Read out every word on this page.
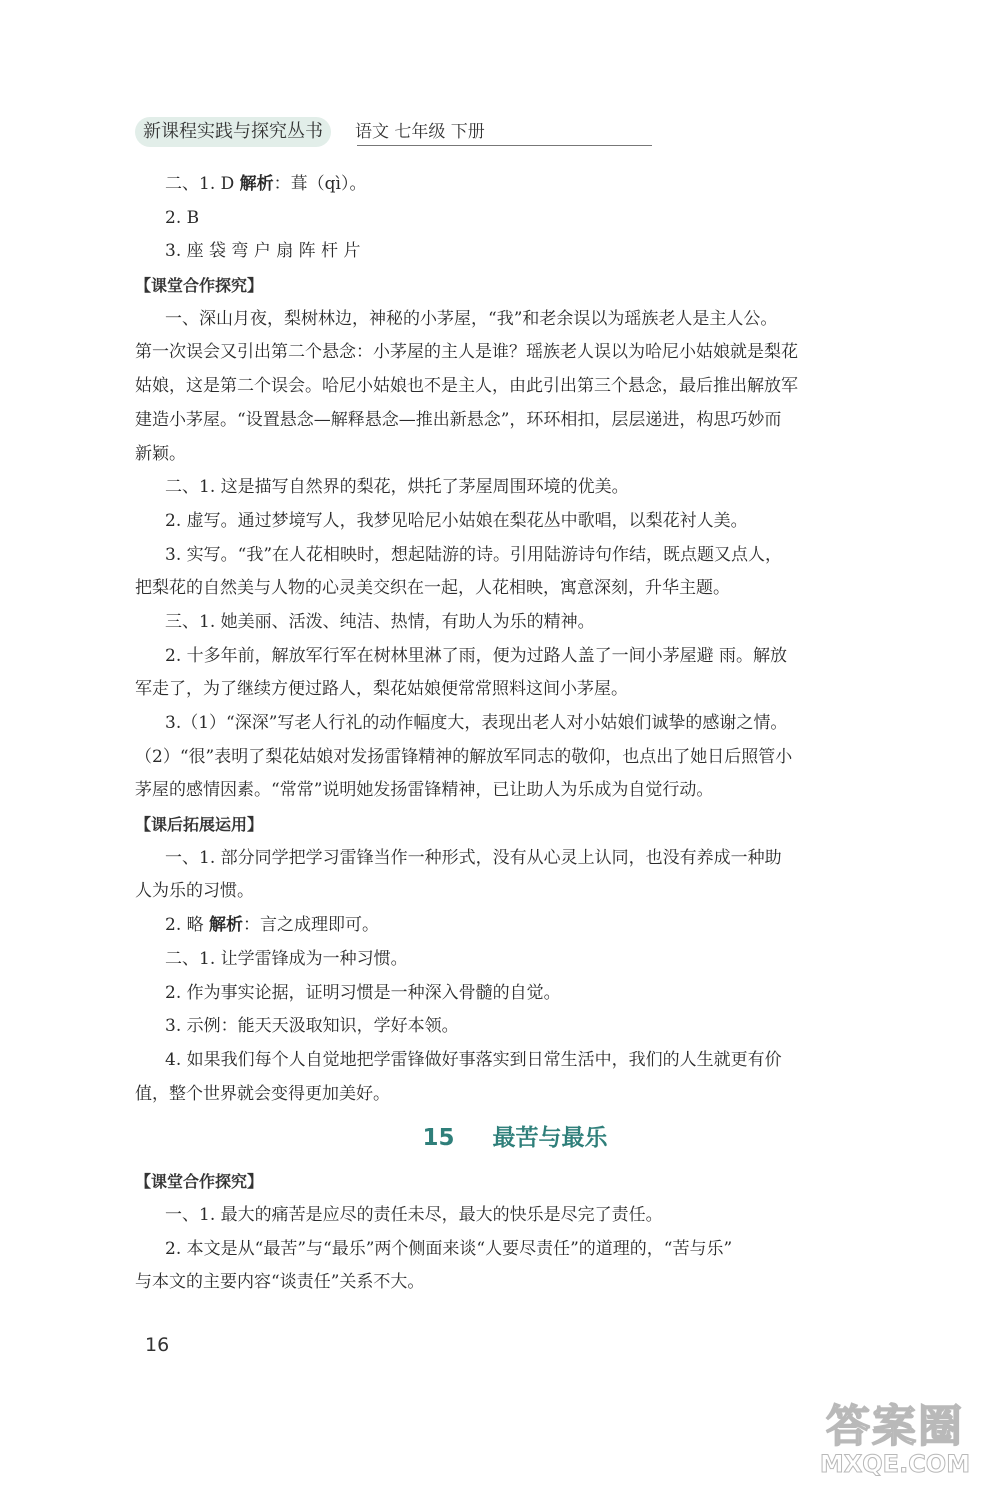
新课程实践与探究丛书	语文 七年级 下册
二、1. D 解析：葺（qì）。
2. B
3. 座 袋 弯 户 扇 阵 杆 片
【课堂合作探究】
一、深山月夜，梨树林边，神秘的小茅屋，“我”和老余误以为瑶族老人是主人公。
第一次误会又引出第二个悬念：小茅屋的主人是谁？瑶族老人误以为哈尼小姑娘就是梨花
姑娘，这是第二个误会。哈尼小姑娘也不是主人，由此引出第三个悬念，最后推出解放军
建造小茅屋。“设置悬念—解释悬念—推出新悬念”，环环相扣，层层递进，构思巧妙而
新颖。
二、1. 这是描写自然界的梨花，烘托了茅屋周围环境的优美。
2. 虚写。通过梦境写人，我梦见哈尼小姑娘在梨花丛中歌唱，以梨花衬人美。
3. 实写。“我”在人花相映时，想起陆游的诗。引用陆游诗句作结，既点题又点人，
把梨花的自然美与人物的心灵美交织在一起，人花相映，寓意深刻，升华主题。
三、1. 她美丽、活泼、纯洁、热情，有助人为乐的精神。
2. 十多年前，解放军行军在树林里淋了雨，便为过路人盖了一间小茅屋避 雨。解放
军走了，为了继续方便过路人，梨花姑娘便常常照料这间小茅屋。
3.（1）“深深”写老人行礼的动作幅度大，表现出老人对小姑娘们诚挚的感谢之情。
（2）“很”表明了梨花姑娘对发扬雷锋精神的解放军同志的敬仰，也点出了她日后照管小
茅屋的感情因素。“常常”说明她发扬雷锋精神，已让助人为乐成为自觉行动。
【课后拓展运用】
一、1. 部分同学把学习雷锋当作一种形式，没有从心灵上认同，也没有养成一种助
人为乐的习惯。
2. 略 解析：言之成理即可。
二、1. 让学雷锋成为一种习惯。
2. 作为事实论据，证明习惯是一种深入骨髓的自觉。
3. 示例：能天天汲取知识，学好本领。
4. 如果我们每个人自觉地把学雷锋做好事落实到日常生活中，我们的人生就更有价
值，整个世界就会变得更加美好。
15 最苦与最乐
【课堂合作探究】
一、1. 最大的痛苦是应尽的责任未尽，最大的快乐是尽完了责任。
2. 本文是从“最苦”与“最乐”两个侧面来谈“人要尽责任”的道理的，“苦与乐”
与本文的主要内容“谈责任”关系不大。
16
答案圈
MXQE.COM
